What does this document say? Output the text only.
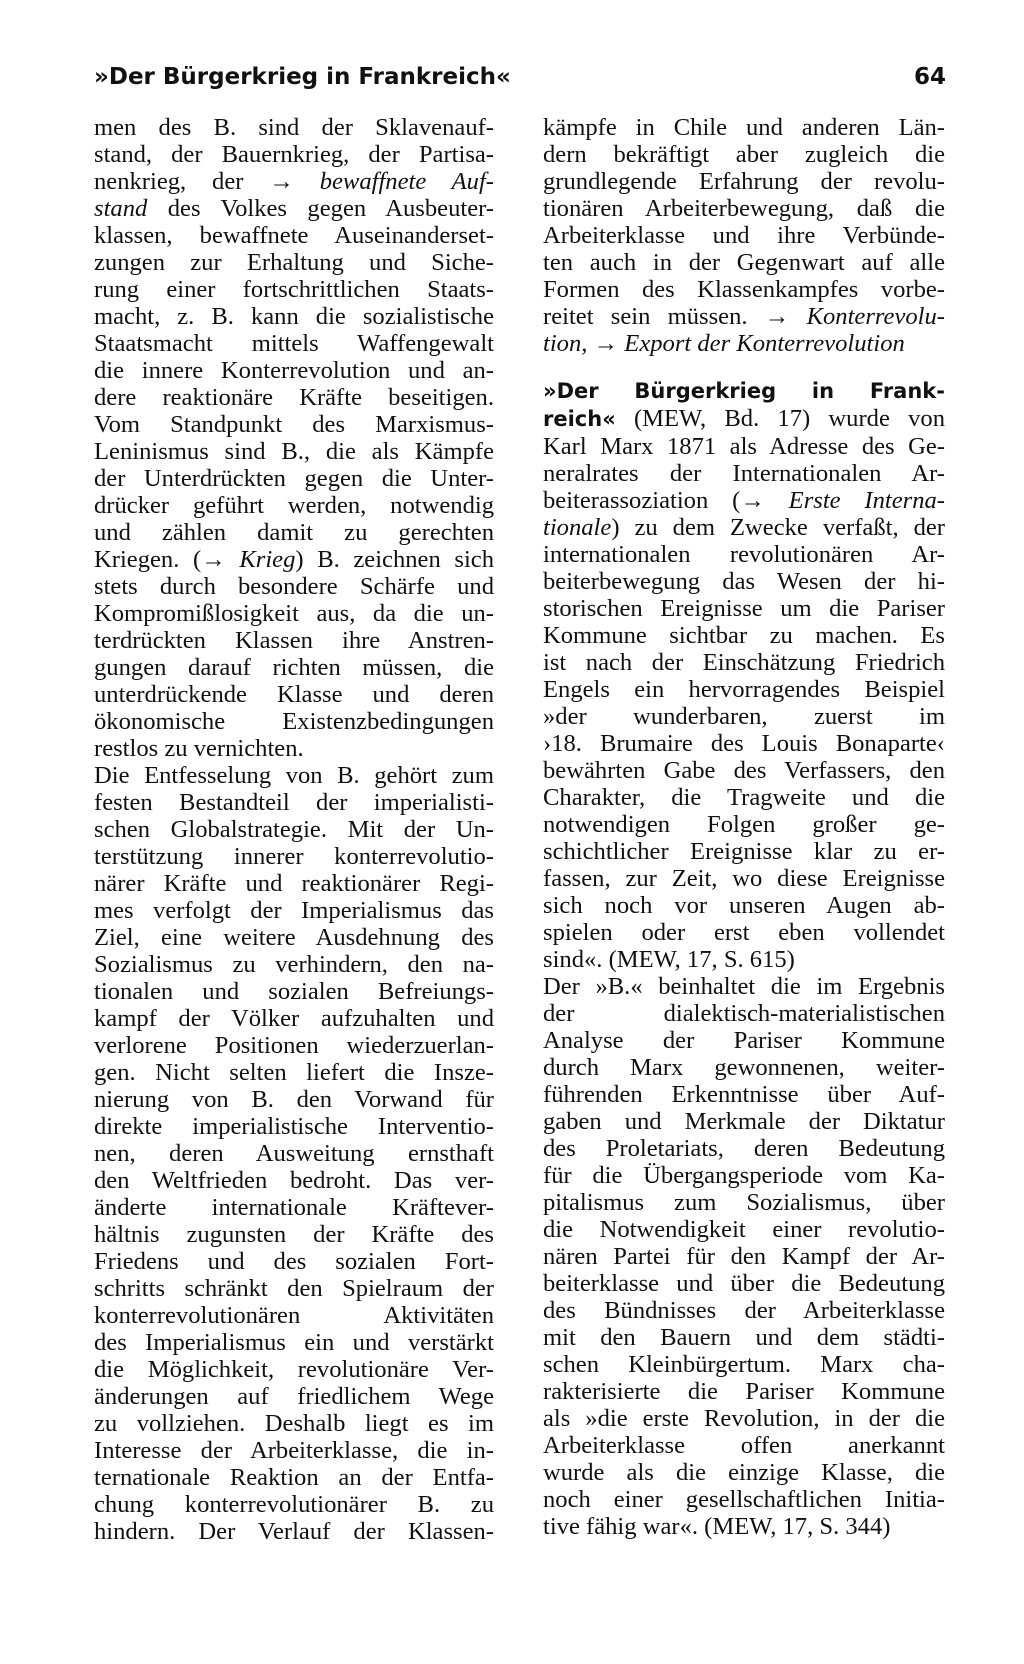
»Der Bürgerkrieg in Frankreich«	64
men des B. sind der Sklavenauf-
stand, der Bauernkrieg, der Partisa-
nenkrieg, der → bewaffnete Auf-
stand des Volkes gegen Ausbeuter-
klassen, bewaffnete Auseinanderset-
zungen zur Erhaltung und Siche-
rung einer fortschrittlichen Staats-
macht, z. B. kann die sozialistische
Staatsmacht mittels Waffengewalt
die innere Konterrevolution und an-
dere reaktionäre Kräfte beseitigen.
Vom Standpunkt des Marxismus-
Leninismus sind B., die als Kämpfe
der Unterdrückten gegen die Unter-
drücker geführt werden, notwendig
und zählen damit zu gerechten
Kriegen. (→ Krieg) B. zeichnen sich
stets durch besondere Schärfe und
Kompromißlosigkeit aus, da die un-
terdrückten Klassen ihre Anstren-
gungen darauf richten müssen, die
unterdrückende Klasse und deren
ökonomische Existenzbedingungen
restlos zu vernichten.
Die Entfesselung von B. gehört zum
festen Bestandteil der imperialisti-
schen Globalstrategie. Mit der Un-
terstützung innerer konterrevolutio-
närer Kräfte und reaktionärer Regi-
mes verfolgt der Imperialismus das
Ziel, eine weitere Ausdehnung des
Sozialismus zu verhindern, den na-
tionalen und sozialen Befreiungs-
kampf der Völker aufzuhalten und
verlorene Positionen wiederzuerlan-
gen. Nicht selten liefert die Insze-
nierung von B. den Vorwand für
direkte imperialistische Interventio-
nen, deren Ausweitung ernsthaft
den Weltfrieden bedroht. Das ver-
änderte internationale Kräftever-
hältnis zugunsten der Kräfte des
Friedens und des sozialen Fort-
schritts schränkt den Spielraum der
konterrevolutionären Aktivitäten
des Imperialismus ein und verstärkt
die Möglichkeit, revolutionäre Ver-
änderungen auf friedlichem Wege
zu vollziehen. Deshalb liegt es im
Interesse der Arbeiterklasse, die in-
ternationale Reaktion an der Entfa-
chung konterrevolutionärer B. zu
hindern. Der Verlauf der Klassen-
kämpfe in Chile und anderen Län-
dern bekräftigt aber zugleich die
grundlegende Erfahrung der revolu-
tionären Arbeiterbewegung, daß die
Arbeiterklasse und ihre Verbünde-
ten auch in der Gegenwart auf alle
Formen des Klassenkampfes vorbe-
reitet sein müssen. → Konterrevolu-
tion, → Export der Konterrevolution
»Der Bürgerkrieg in Frank-
reich« (MEW, Bd. 17) wurde von
Karl Marx 1871 als Adresse des Ge-
neralrates der Internationalen Ar-
beiterassoziation (→ Erste Interna-
tionale) zu dem Zwecke verfaßt, der
internationalen revolutionären Ar-
beiterbewegung das Wesen der hi-
storischen Ereignisse um die Pariser
Kommune sichtbar zu machen. Es
ist nach der Einschätzung Friedrich
Engels ein hervorragendes Beispiel
»der wunderbaren, zuerst im
›18. Brumaire des Louis Bonaparte‹
bewährten Gabe des Verfassers, den
Charakter, die Tragweite und die
notwendigen Folgen großer ge-
schichtlicher Ereignisse klar zu er-
fassen, zur Zeit, wo diese Ereignisse
sich noch vor unseren Augen ab-
spielen oder erst eben vollendet
sind«. (MEW, 17, S. 615)
Der »B.« beinhaltet die im Ergebnis
der dialektisch-materialistischen
Analyse der Pariser Kommune
durch Marx gewonnenen, weiter-
führenden Erkenntnisse über Auf-
gaben und Merkmale der Diktatur
des Proletariats, deren Bedeutung
für die Übergangsperiode vom Ka-
pitalismus zum Sozialismus, über
die Notwendigkeit einer revolutio-
nären Partei für den Kampf der Ar-
beiterklasse und über die Bedeutung
des Bündnisses der Arbeiterklasse
mit den Bauern und dem städti-
schen Kleinbürgertum. Marx cha-
rakterisierte die Pariser Kommune
als »die erste Revolution, in der die
Arbeiterklasse offen anerkannt
wurde als die einzige Klasse, die
noch einer gesellschaftlichen Initia-
tive fähig war«. (MEW, 17, S. 344)
